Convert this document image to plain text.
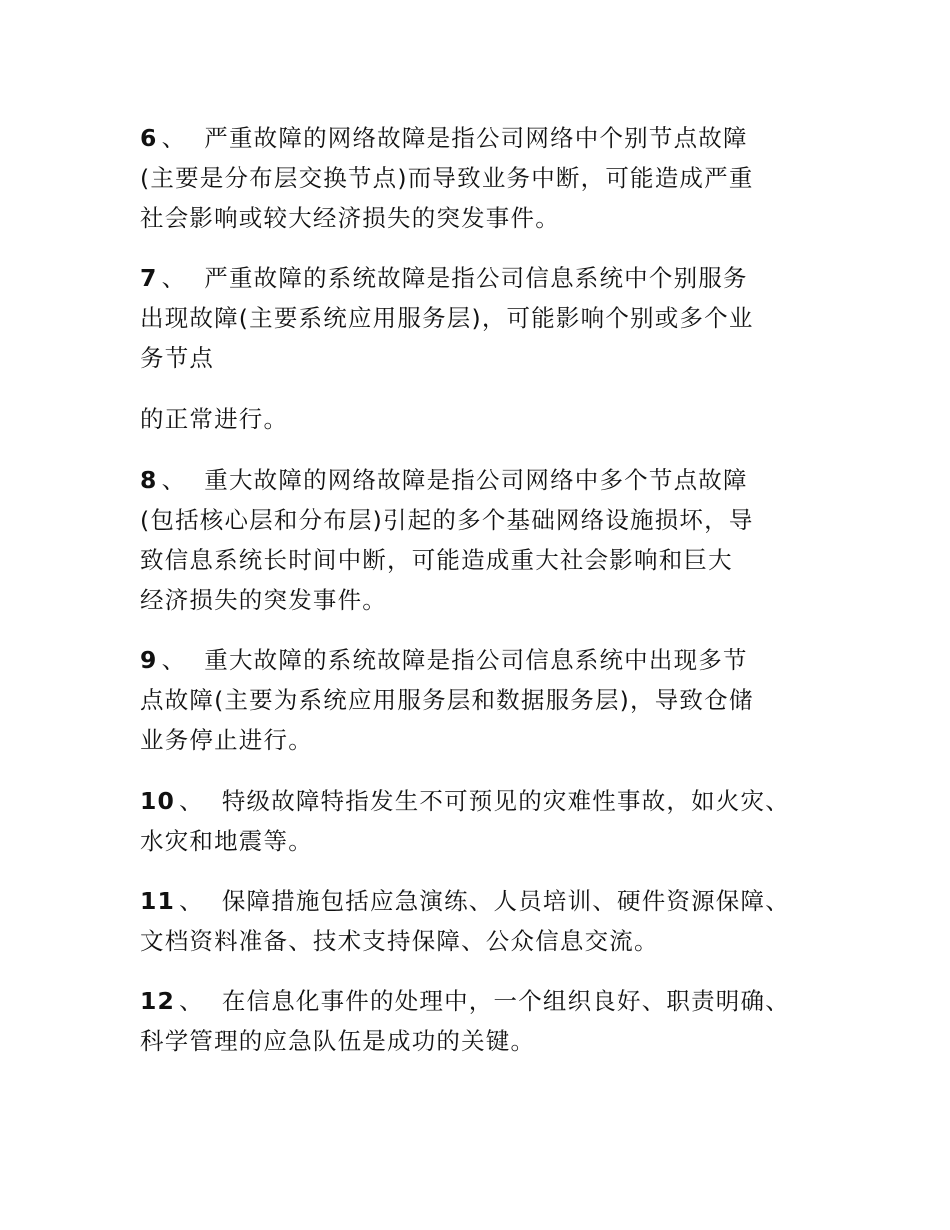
6 、 严重故障的网络故障是指公司网络中个别节点故障
(主要是分布层交换节点)而导致业务中断，可能造成严重
社会影响或较大经济损失的突发事件。
7 、 严重故障的系统故障是指公司信息系统中个别服务
出现故障(主要系统应用服务层)，可能影响个别或多个业
务节点
的正常进行。
8 、 重大故障的网络故障是指公司网络中多个节点故障
(包括核心层和分布层)引起的多个基础网络设施损坏，导
致信息系统长时间中断，可能造成重大社会影响和巨大
经济损失的突发事件。
9 、 重大故障的系统故障是指公司信息系统中出现多节
点故障(主要为系统应用服务层和数据服务层)，导致仓储
业务停止进行。
10 、 特级故障特指发生不可预见的灾难性事故，如火灾、
水灾和地震等。
11 、 保障措施包括应急演练、人员培训、硬件资源保障、
文档资料准备、技术支持保障、公众信息交流。
12 、 在信息化事件的处理中，一个组织良好、职责明确、
科学管理的应急队伍是成功的关键。
